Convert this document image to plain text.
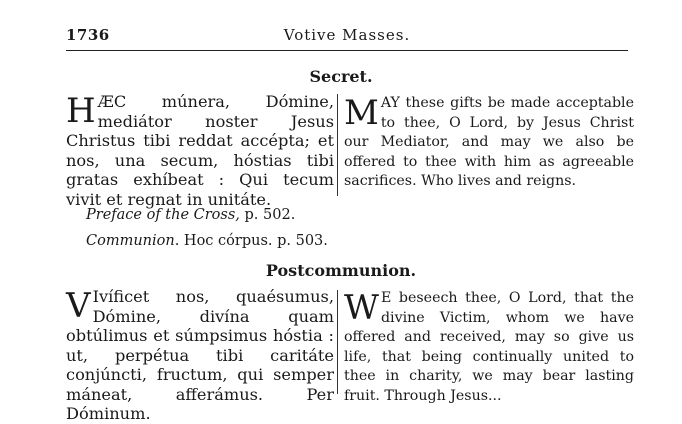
1736	Votive Masses.
Secret.
HÆC múnera, Dómine, mediátor noster Jesus Christus tibi reddat accépta; et nos, una secum, hóstias tibi gratas exhíbeat : Qui tecum vivit et regnat in unitáte.
MAY these gifts be made acceptable to thee, O Lord, by Jesus Christ our Mediator, and may we also be offered to thee with him as agreeable sacrifices. Who lives and reigns.
Preface of the Cross, p. 502.
Communion. Hoc córpus. p. 503.
Postcommunion.
V Ivíficet nos, quaésumus, Dómine, divína quam obtúlimus et súmpsimus hóstia : ut, perpétua tibi caritáte conjúncti, fructum, qui semper máneat, afferámus. Per Dóminum.
W E beseech thee, O Lord, that the divine Victim, whom we have offered and received, may so give us life, that being continually united to thee in charity, we may bear lasting fruit. Through Jesus...
